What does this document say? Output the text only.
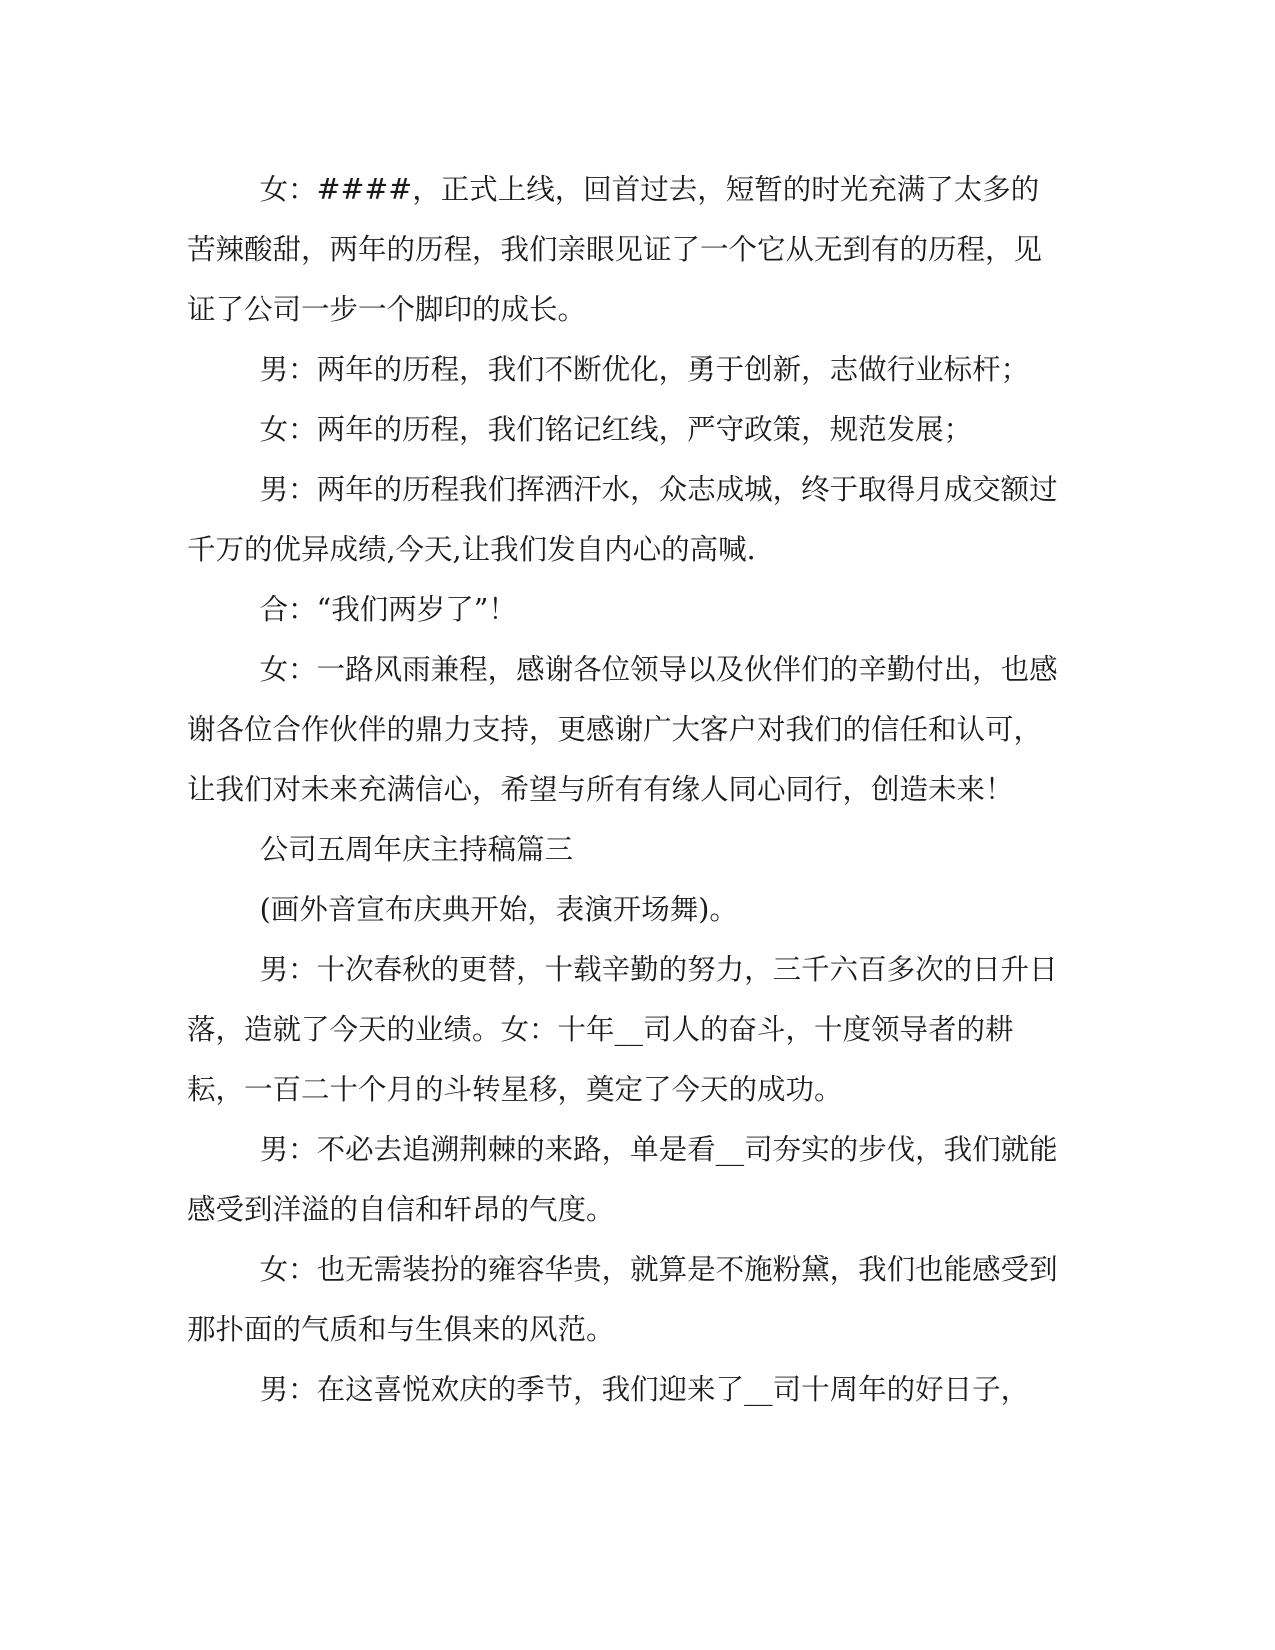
女：####，正式上线，回首过去，短暂的时光充满了太多的苦辣酸甜，两年的历程，我们亲眼见证了一个它从无到有的历程，见证了公司一步一个脚印的成长。

男：两年的历程，我们不断优化，勇于创新，志做行业标杆；

女：两年的历程，我们铭记红线，严守政策，规范发展；

男：两年的历程我们挥洒汗水，众志成城，终于取得月成交额过千万的优异成绩,今天,让我们发自内心的高喊.

合：“我们两岁了”！

女：一路风雨兼程，感谢各位领导以及伙伴们的辛勤付出，也感谢各位合作伙伴的鼎力支持，更感谢广大客户对我们的信任和认可，让我们对未来充满信心，希望与所有有缘人同心同行，创造未来！

公司五周年庆主持稿篇三

(画外音宣布庆典开始，表演开场舞)。

男：十次春秋的更替，十载辛勤的努力，三千六百多次的日升日落，造就了今天的业绩。女：十年__司人的奋斗，十度领导者的耕耘，一百二十个月的斗转星移，奠定了今天的成功。

男：不必去追溯荆棘的来路，单是看__司夯实的步伐，我们就能感受到洋溢的自信和轩昂的气度。

女：也无需装扮的雍容华贵，就算是不施粉黛，我们也能感受到那扑面的气质和与生俱来的风范。

男：在这喜悦欢庆的季节，我们迎来了__司十周年的好日子，
